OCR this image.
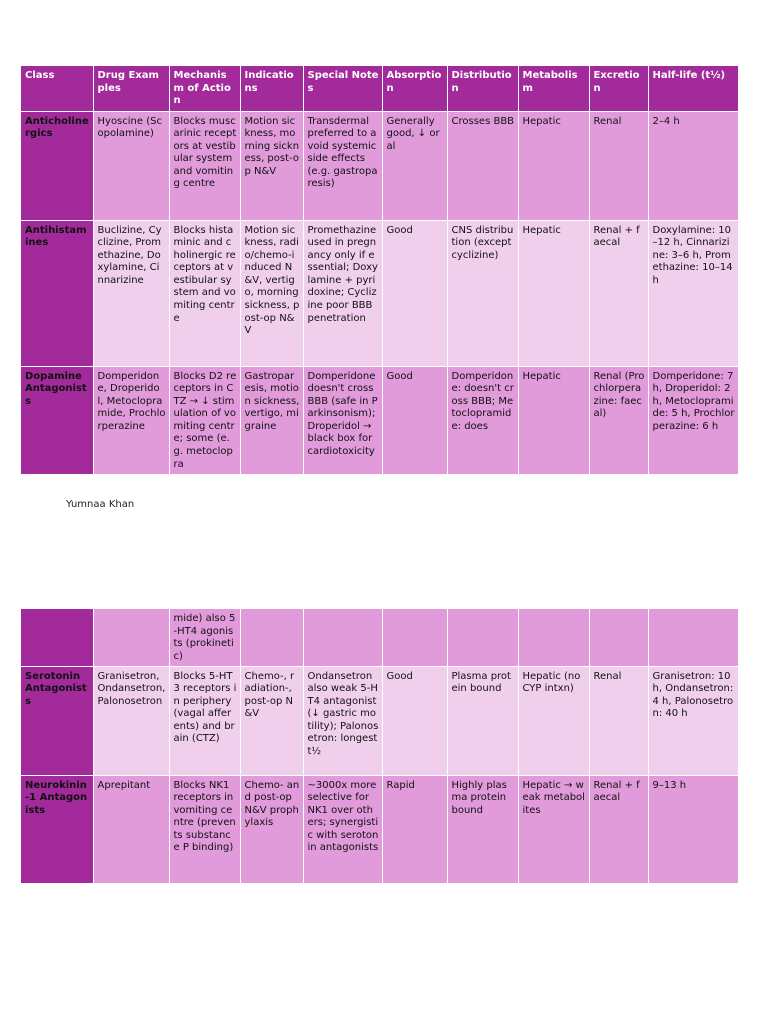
Class	Drug Examples	Mechanism of Action	Indications	Special Notes	Absorption	Distribution	Metabolism	Excretion	Half-life (t½)
Anticholinergics	Hyoscine (Scopolamine)	Blocks muscarinic receptors at vestibular system and vomiting centre	Motion sickness, morning sickness, post-op N&V	Transdermal preferred to avoid systemic side effects (e.g. gastroparesis)	Generally good, ↓ oral	Crosses BBB	Hepatic	Renal	2–4 h
Antihistamines	Buclizine, Cyclizine, Promethazine, Doxylamine, Cinnarizine	Blocks histaminic and cholinergic receptors at vestibular system and vomiting centre	Motion sickness, radio/chemo-induced N&V, vertigo, morning sickness, post-op N&V	Promethazine used in pregnancy only if essential; Doxylamine + pyridoxine; Cyclizine poor BBB penetration	Good	CNS distribution (except cyclizine)	Hepatic	Renal + faecal	Doxylamine: 10–12 h, Cinnarizine: 3–6 h, Promethazine: 10–14 h
Dopamine Antagonists	Domperidone, Droperidol, Metoclopramide, Prochlorperazine	Blocks D2 receptors in CTZ → ↓ stimulation of vomiting centre; some (e.g. metoclopra	Gastroparesis, motion sickness, vertigo, migraine	Domperidone doesn't cross BBB (safe in Parkinsonism); Droperidol → black box for cardiotoxicity	Good	Domperidone: doesn't cross BBB; Metoclopramide: does	Hepatic	Renal (Prochlorperazine: faecal)	Domperidone: 7 h, Droperidol: 2 h, Metoclopramide: 5 h, Prochlorperazine: 6 h
Yumnaa Khan
		mide) also 5-HT4 agonists (prokinetic)							
Serotonin Antagonists	Granisetron, Ondansetron, Palonosetron	Blocks 5-HT3 receptors in periphery (vagal afferents) and brain (CTZ)	Chemo-, radiation-, post-op N&V	Ondansetron also weak 5-HT4 antagonist (↓ gastric motility); Palonosetron: longest t½	Good	Plasma protein bound	Hepatic (no CYP intxn)	Renal	Granisetron: 10 h, Ondansetron: 4 h, Palonosetron: 40 h
Neurokinin-1 Antagonists	Aprepitant	Blocks NK1 receptors in vomiting centre (prevents substance P binding)	Chemo- and post-op N&V prophylaxis	~3000x more selective for NK1 over others; synergistic with serotonin antagonists	Rapid	Highly plasma protein bound	Hepatic → weak metabolites	Renal + faecal	9–13 h
